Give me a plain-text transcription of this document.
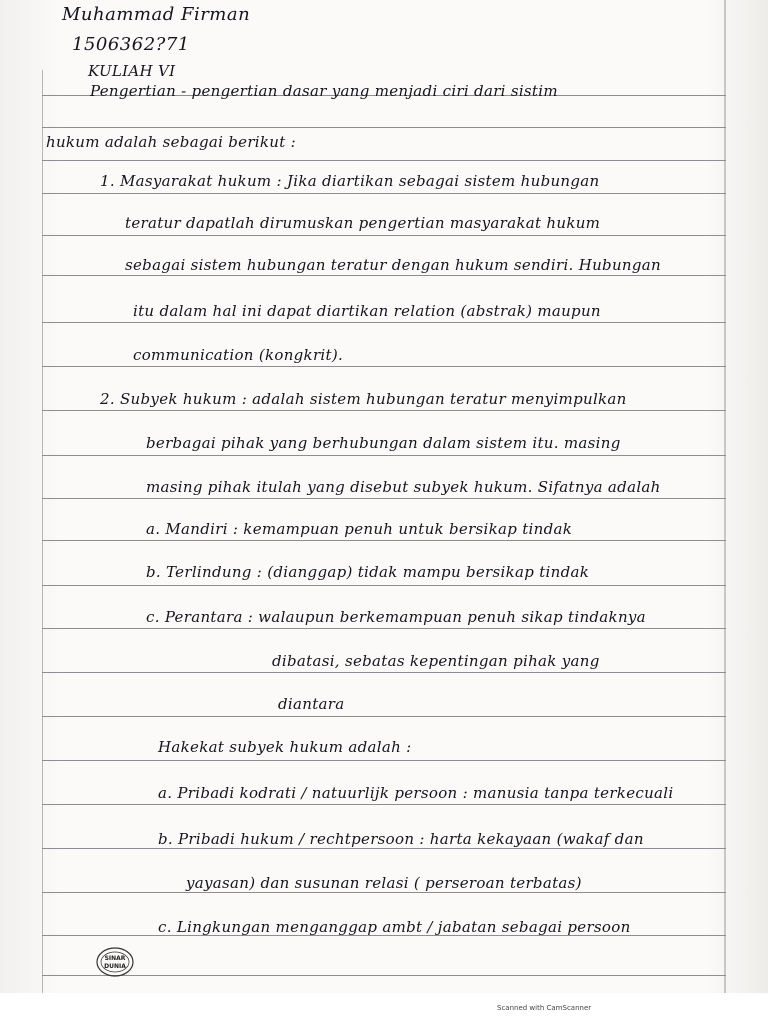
Muhammad Firman
1506362?71
KULIAH VI
Pengertian - pengertian dasar yang menjadi ciri dari sistim
hukum adalah sebagai berikut :
1. Masyarakat hukum : Jika diartikan sebagai sistem hubungan
teratur dapatlah dirumuskan pengertian masyarakat hukum
sebagai sistem hubungan teratur dengan hukum sendiri. Hubungan
itu dalam hal ini dapat diartikan relation (abstrak) maupun
communication (kongkrit).
2. Subyek hukum : adalah sistem hubungan teratur menyimpulkan
berbagai pihak yang berhubungan dalam sistem itu. masing
masing pihak itulah yang disebut subyek hukum. Sifatnya adalah
a. Mandiri : kemampuan penuh untuk bersikap tindak
b. Terlindung : (dianggap) tidak mampu bersikap tindak
c. Perantara : walaupun berkemampuan penuh sikap tindaknya
dibatasi, sebatas kepentingan pihak yang
diantara
Hakekat subyek hukum adalah :
a. Pribadi kodrati / natuurlijk persoon : manusia tanpa terkecuali
b. Pribadi hukum / rechtpersoon : harta kekayaan (wakaf dan
yayasan) dan susunan relasi ( perseroan terbatas)
c. Lingkungan menganggap ambt / jabatan sebagai persoon
SINAR
DUNIA
Scanned with CamScanner
